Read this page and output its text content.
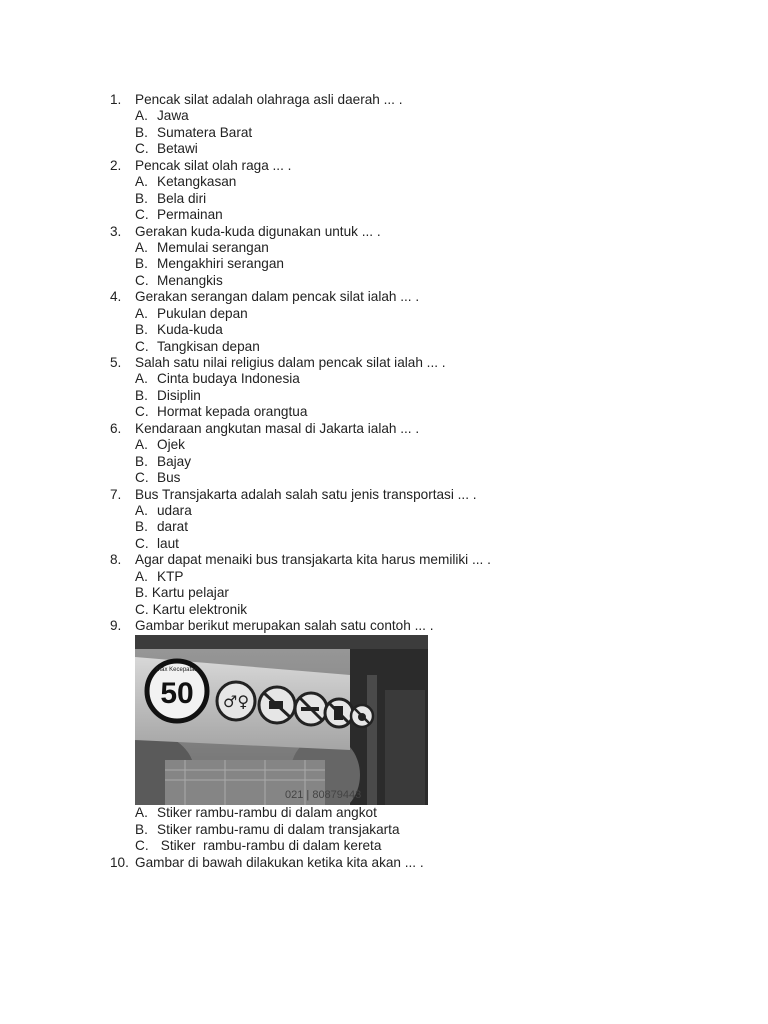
1. Pencak silat adalah olahraga asli daerah ... .
A. Jawa
B. Sumatera Barat
C. Betawi
2. Pencak silat olah raga ... .
A. Ketangkasan
B. Bela diri
C. Permainan
3. Gerakan kuda-kuda digunakan untuk ... .
A. Memulai serangan
B. Mengakhiri serangan
C. Menangkis
4. Gerakan serangan dalam pencak silat ialah ... .
A. Pukulan depan
B. Kuda-kuda
C. Tangkisan depan
5. Salah satu nilai religius dalam pencak silat ialah ... .
A. Cinta budaya Indonesia
B. Disiplin
C. Hormat kepada orangtua
6. Kendaraan angkutan masal di Jakarta ialah ... .
A. Ojek
B. Bajay
C. Bus
7. Bus Transjakarta adalah salah satu jenis transportasi ... .
A. udara
B. darat
C. laut
8. Agar dapat menaiki bus transjakarta kita harus memiliki ... .
A. KTP
B. Kartu pelajar
C. Kartu elektronik
9. Gambar berikut merupakan salah satu contoh ... .
Max Kecepatan
50 ♂♀
021 | 80879443
A. Stiker rambu-rambu di dalam angkot
B. Stiker rambu-ramu di dalam transjakarta
C. Stiker  rambu-rambu di dalam kereta
10. Gambar di bawah dilakukan ketika kita akan ... .
